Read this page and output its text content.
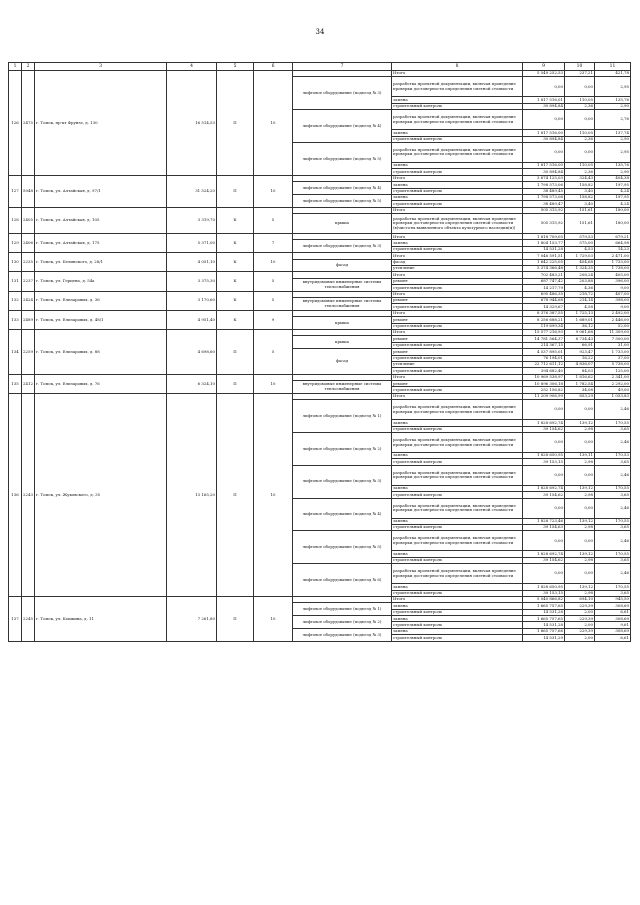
34
1	2	3	4	5	6	7	8	9	10	11
126	2475	г. Томск, пр-кт Фрунзе, д. 130	16 514,53	П	10		Итого	5 549 252,53	237,21	421,78
						лифтовое оборудование (подъезд № 3)	разработка проектной документации, включая проведение проверки достоверности определения сметной стоимости	0,00	0,00	2,95
							замена	1 817 516,01	110,05	135,76
							строительный контроль	30 894,84	2,36	2,90
						лифтовое оборудование (подъезд № 4)	разработка проектной документации, включая проведение проверки достоверности определения сметной стоимости	0,00	0,00	2,76
							замена	1 817 516,00	110,05	137,74
							строительный контроль	30 894,84	2,36	2,90
						лифтовое оборудование (подъезд № 5)	разработка проектной документации, включая проведение проверки достоверности определения сметной стоимости	0,00	0,00	2,95
							замена	1 817 516,00	110,05	135,76
							строительный контроль	30 894,84	2,36	2,90
127	5048	г. Томск, ул. Алтайская, д. 97/1	31 524,20	П	10		Итого	3 674 125,03	324,43	404,38
						лифтовое оборудование (подъезд № 4)	замена	1 798 573,06	158,82	197,95
							строительный контроль	38 489,45	3,40	4,24
						лифтовое оборудование (подъезд № 5)	замена	1 798 573,06	158,82	197,95
							строительный контроль	38 489,47	3,40	4,24
128	2405	г. Томск, ул. Алтайская, д. 105	3 319,70	К	5		Итого	505 315,92	151,61	180,00
						крыша	разработка проектной документации, включая проведение проверки достоверности определения сметной стоимости (в)чистоты выявленного объекта культурного наследия(и))	505 315,92	151,61	180,00
129	2406	г. Томск, ул. Алтайская, д. 175	5 371,00	К	7		Итого	1 818 709,05	579,53	679,21
						лифтовое оборудование (подъезд № 3)	замена	1 804 153,77	575,00	664,98
							строительный контроль	14 531,28	4,53	14,23
130	2235	г. Томск, ул. Белинского, д. 28/1	4 051,10	К	10		Итого	7 046 591,51	1 729,03	2 471,00
						фасад	фасад	1 642 225,05	404,68	1 733,00
							утепление	5 374 366,48	1 324,35	1 738,00
131	2237	г. Томск, ул. Герцена, д. 54а	3 375,30	К	5		Итого	702 483,21	208,24	405,00
						внутридомовые инженерные системы теплоснабжения	ремонт	687 747,42	203,88	396,00
							строительный контроль	14 217,79	4,36	9,00
132	2424	г. Томск, ул. Елизаровых, д. 36	3 170,60	К	5		Итого	695 486,35	218,72	407,00
						внутридомовые инженерные системы теплоснабжения	ремонт	678 944,68	214,14	398,00
							строительный контроль	14 329,67	4,58	9,00
133	2489	г. Томск, ул. Елизаровых, д. 48/1	4 951,40	К	9		Итого	8 376 387,55	1 725,13	2 492,00
						крыша	ремонт	8 256 688,21	1 689,01	2 446,00
							строительный контроль	119 699,34	36,12	52,00
134	2259	г. Томск, ул. Елизаровых, д. 88	4 698,60	П	5		Итого	15 577 216,93	9 061,68	11 309,00
						крыша	ремонт	14 781 564,37	8 734,43	7 500,00
							строительный контроль	214 367,15	66,91	31,00
						фасад	ремонт	4 537 895,01	923,47	1 733,00
							строительный контроль	76 194,01	16,22	37,00
							утепление	22 712 611,12	4 836,07	5 738,00
							строительный контроль	394 682,40	84,03	125,00
135	2412	г. Томск, ул. Елизаровых, д. 76	6 324,10	П	10		Итого	10 969 538,97	1 816,62	2 341,00
						внутридомовые инженерные системы теплоснабжения	ремонт	10 896 306,18	1 782,54	2 292,00
							строительный контроль	252 156,82	34,08	49,00
136	2243	г. Томск, ул. Жуковского, д. 35	13 165,20	П	10		Итого	11 209 906,99	853,29	1 053,83
						лифтовое оборудование (подъезд № 1)	разработка проектной документации, включая проведение проверки достоверности определения сметной стоимости	0,00	0,00	2,46
							замена	1 828 692,74	139,12	170,55
							строительный контроль	39 154,62	2,98	3,65
						лифтовое оборудование (подъезд № 2)	разработка проектной документации, включая проведение проверки достоверности определения сметной стоимости	0,00	0,00	2,46
							замена	1 828 650,95	139,11	170,53
							строительный контроль	39 153,15	2,98	3,65
						лифтовое оборудование (подъезд № 3)	разработка проектной документации, включая проведение проверки достоверности определения сметной стоимости	0,00	0,00	2,46
							замена	1 828 692,74	139,12	170,55
							строительный контроль	39 154,62	2,98	3,65
						лифтовое оборудование (подъезд № 4)	разработка проектной документации, включая проведение проверки достоверности определения сметной стоимости	0,00	0,00	2,46
							замена	1 828 723,46	139,12	170,55
							строительный контроль	39 154,63	2,98	3,65
						лифтовое оборудование (подъезд № 5)	разработка проектной документации, включая проведение проверки достоверности определения сметной стоимости	0,00	0,00	2,46
							замена	1 828 692,74	139,12	170,55
							строительный контроль	39 154,62	2,98	3,65
						лифтовое оборудование (подъезд № 6)	разработка проектной документации, включая проведение проверки достоверности определения сметной стоимости	0,00	0,00	2,46
							замена	1 828 650,95	139,12	170,55
							строительный контроль	39 153,15	2,98	3,65
137	2245	г. Томск, ул. Кошкина, д. 11	7 261,80	П	10		Итого	5 040 866,82	694,10	945,50
						лифтовое оборудование (подъезд № 1)	замена	1 665 757,65	229,39	308,69
							строительный контроль	14 531,28	2,00	6,61
						лифтовое оборудование (подъезд № 2)	замена	1 665 757,65	229,39	308,69
							строительный контроль	14 531,28	2,00	9,61
						лифтовое оборудование (подъезд № 3)	замена	1 665 757,66	229,39	308,69
							строительный контроль	14 531,29	2,00	6,61
